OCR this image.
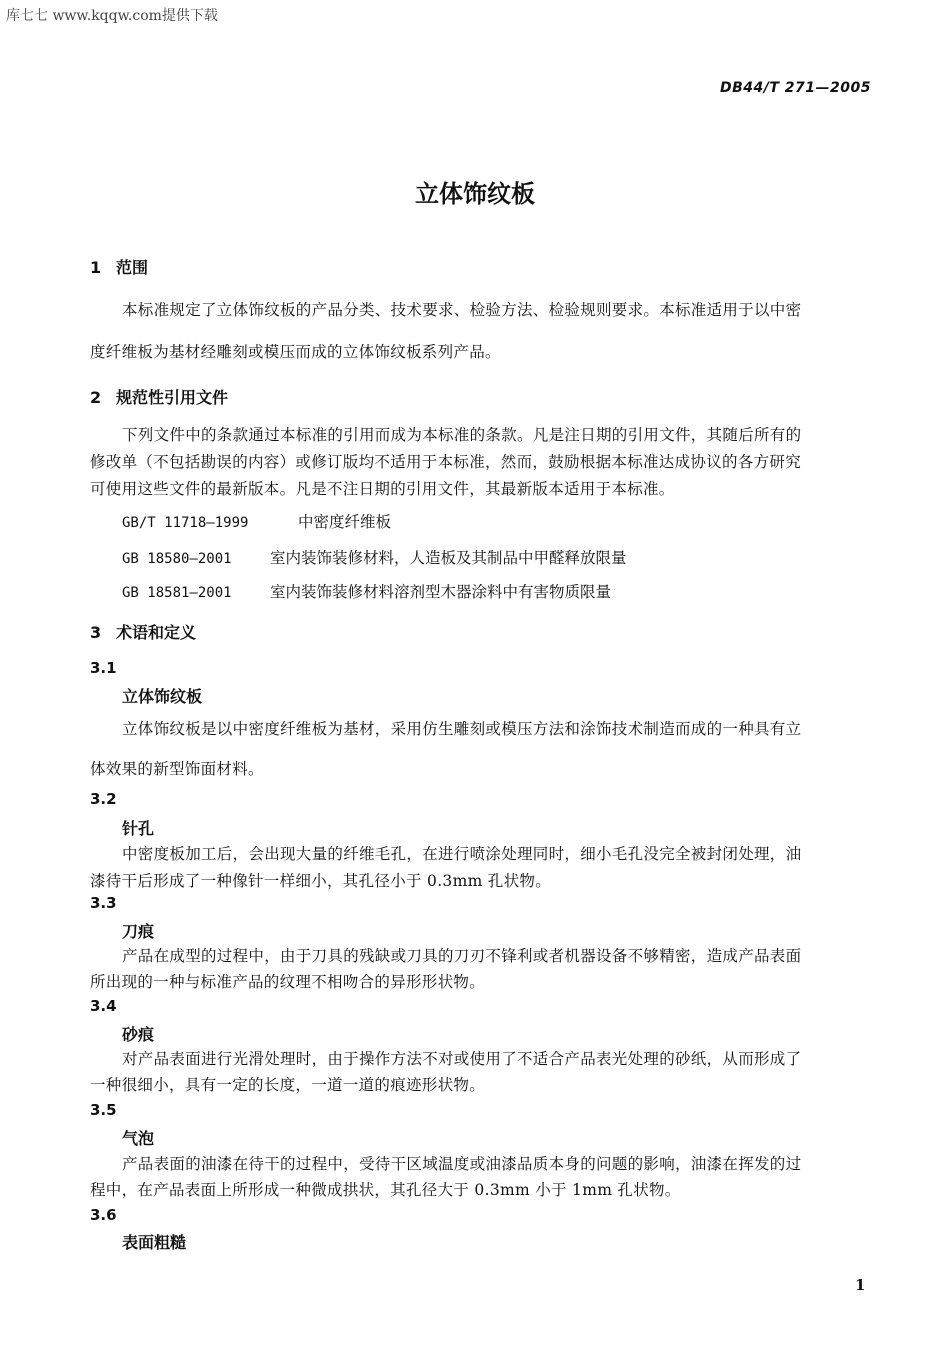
库七七 www.kqqw.com提供下载
DB44/T 271—2005
立体饰纹板
1 范围
本标准规定了立体饰纹板的产品分类、技术要求、检验方法、检验规则要求。本标准适用于以中密
度纤维板为基材经雕刻或模压而成的立体饰纹板系列产品。
2 规范性引用文件
下列文件中的条款通过本标准的引用而成为本标准的条款。凡是注日期的引用文件，其随后所有的
修改单（不包括勘误的内容）或修订版均不适用于本标准，然而，鼓励根据本标准达成协议的各方研究
可使用这些文件的最新版本。凡是不注日期的引用文件，其最新版本适用于本标准。
GB/T 11718—1999	中密度纤维板
GB 18580—2001 室内装饰装修材料，人造板及其制品中甲醛释放限量
GB 18581—2001 室内装饰装修材料溶剂型木器涂料中有害物质限量
3 术语和定义
3.1
立体饰纹板
立体饰纹板是以中密度纤维板为基材，采用仿生雕刻或模压方法和涂饰技术制造而成的一种具有立
体效果的新型饰面材料。
3.2
针孔
中密度板加工后，会出现大量的纤维毛孔，在进行喷涂处理同时，细小毛孔没完全被封闭处理，油
漆待干后形成了一种像针一样细小，其孔径小于 0.3mm 孔状物。
3.3
刀痕
产品在成型的过程中，由于刀具的残缺或刀具的刀刃不锋利或者机器设备不够精密，造成产品表面
所出现的一种与标准产品的纹理不相吻合的异形形状物。
3.4
砂痕
对产品表面进行光滑处理时，由于操作方法不对或使用了不适合产品表光处理的砂纸，从而形成了
一种很细小，具有一定的长度，一道一道的痕迹形状物。
3.5
气泡
产品表面的油漆在待干的过程中，受待干区域温度或油漆品质本身的问题的影响，油漆在挥发的过
程中，在产品表面上所形成一种微成拱状，其孔径大于 0.3mm 小于 1mm 孔状物。
3.6
表面粗糙
1
